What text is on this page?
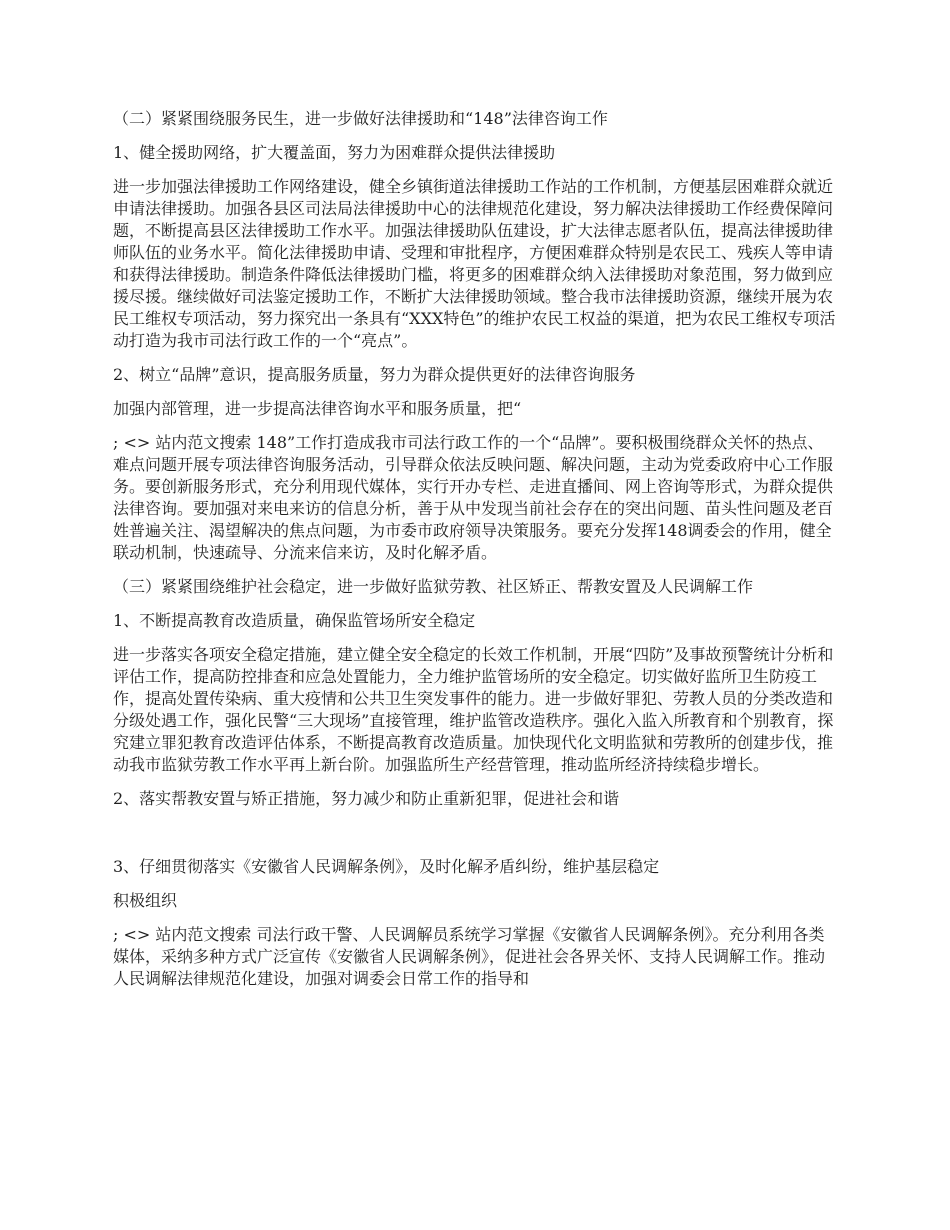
（二）紧紧围绕服务民生，进一步做好法律援助和“148”法律咨询工作

1、健全援助网络，扩大覆盖面，努力为困难群众提供法律援助

进一步加强法律援助工作网络建设，健全乡镇街道法律援助工作站的工作机制，方便基层困难群众就近申请法律援助。加强各县区司法局法律援助中心的法律规范化建设，努力解决法律援助工作经费保障问题，不断提高县区法律援助工作水平。加强法律援助队伍建设，扩大法律志愿者队伍，提高法律援助律师队伍的业务水平。简化法律援助申请、受理和审批程序，方便困难群众特别是农民工、残疾人等申请和获得法律援助。制造条件降低法律援助门槛，将更多的困难群众纳入法律援助对象范围，努力做到应援尽援。继续做好司法鉴定援助工作，不断扩大法律援助领域。整合我市法律援助资源，继续开展为农民工维权专项活动，努力探究出一条具有“XXX特色”的维护农民工权益的渠道，把为农民工维权专项活动打造为我市司法行政工作的一个“亮点”。

2、树立“品牌”意识，提高服务质量，努力为群众提供更好的法律咨询服务

加强内部管理，进一步提高法律咨询水平和服务质量，把“

; <> 站内范文搜索 148”工作打造成我市司法行政工作的一个“品牌”。要积极围绕群众关怀的热点、难点问题开展专项法律咨询服务活动，引导群众依法反映问题、解决问题，主动为党委政府中心工作服务。要创新服务形式，充分利用现代媒体，实行开办专栏、走进直播间、网上咨询等形式，为群众提供法律咨询。要加强对来电来访的信息分析，善于从中发现当前社会存在的突出问题、苗头性问题及老百姓普遍关注、渴望解决的焦点问题，为市委市政府领导决策服务。要充分发挥148调委会的作用，健全联动机制，快速疏导、分流来信来访，及时化解矛盾。

（三）紧紧围绕维护社会稳定，进一步做好监狱劳教、社区矫正、帮教安置及人民调解工作

1、不断提高教育改造质量，确保监管场所安全稳定

进一步落实各项安全稳定措施，建立健全安全稳定的长效工作机制，开展“四防”及事故预警统计分析和评估工作，提高防控排查和应急处置能力，全力维护监管场所的安全稳定。切实做好监所卫生防疫工作，提高处置传染病、重大疫情和公共卫生突发事件的能力。进一步做好罪犯、劳教人员的分类改造和分级处遇工作，强化民警“三大现场”直接管理，维护监管改造秩序。强化入监入所教育和个别教育，探究建立罪犯教育改造评估体系，不断提高教育改造质量。加快现代化文明监狱和劳教所的创建步伐，推动我市监狱劳教工作水平再上新台阶。加强监所生产经营管理，推动监所经济持续稳步增长。

2、落实帮教安置与矫正措施，努力减少和防止重新犯罪，促进社会和谐

3、仔细贯彻落实《安徽省人民调解条例》，及时化解矛盾纠纷，维护基层稳定

积极组织

; <> 站内范文搜索 司法行政干警、人民调解员系统学习掌握《安徽省人民调解条例》。充分利用各类媒体，采纳多种方式广泛宣传《安徽省人民调解条例》，促进社会各界关怀、支持人民调解工作。推动人民调解法律规范化建设，加强对调委会日常工作的指导和
